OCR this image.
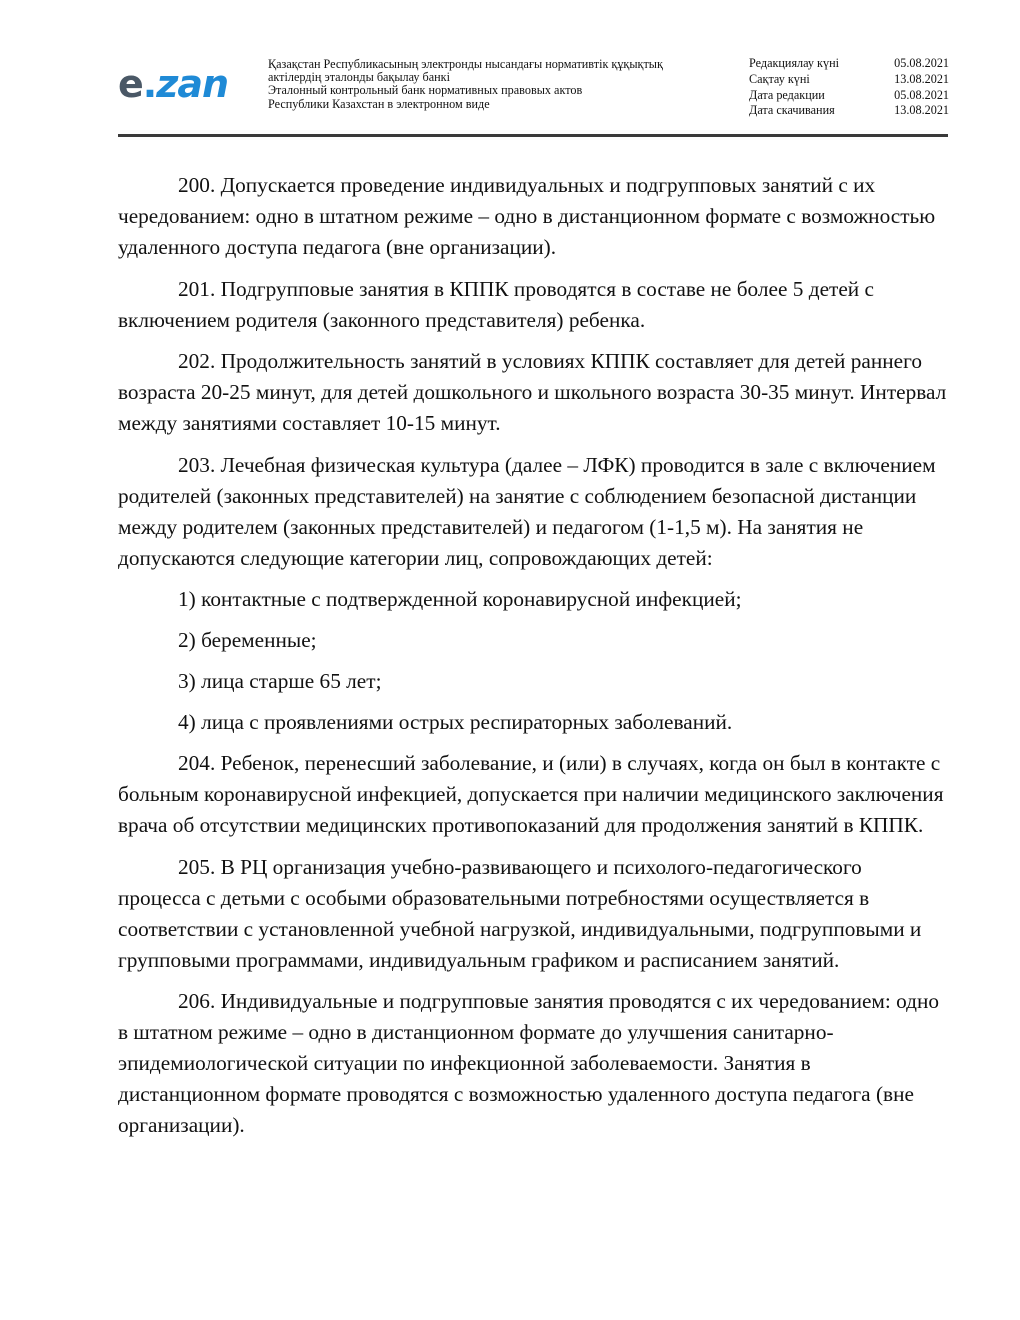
e.zan	Қазақстан Республикасының электронды нысандағы нормативтік құқықтық
актілердің эталонды бақылау банкі
Эталонный контрольный банк нормативных правовых актов
Республики Казахстан в электронном виде
Редакциялау күні	05.08.2021
Сақтау күні	13.08.2021
Дата редакции	05.08.2021
Дата скачивания	13.08.2021

200. Допускается проведение индивидуальных и подгрупповых занятий с их чередованием: одно в штатном режиме – одно в дистанционном формате с возможностью удаленного доступа педагога (вне организации).

201. Подгрупповые занятия в КППК проводятся в составе не более 5 детей с включением родителя (законного представителя) ребенка.

202. Продолжительность занятий в условиях КППК составляет для детей раннего возраста 20-25 минут, для детей дошкольного и школьного возраста 30-35 минут. Интервал между занятиями составляет 10-15 минут.

203. Лечебная физическая культура (далее – ЛФК) проводится в зале с включением родителей (законных представителей) на занятие с соблюдением безопасной дистанции между родителем (законных представителей) и педагогом (1-1,5 м). На занятия не допускаются следующие категории лиц, сопровождающих детей:

1) контактные с подтвержденной коронавирусной инфекцией;

2) беременные;

3) лица старше 65 лет;

4) лица с проявлениями острых респираторных заболеваний.

204. Ребенок, перенесший заболевание, и (или) в случаях, когда он был в контакте с больным коронавирусной инфекцией, допускается при наличии медицинского заключения врача об отсутствии медицинских противопоказаний для продолжения занятий в КППК.

205. В РЦ организация учебно-развивающего и психолого-педагогического процесса с детьми с особыми образовательными потребностями осуществляется в соответствии с установленной учебной нагрузкой, индивидуальными, подгрупповыми и групповыми программами, индивидуальным графиком и расписанием занятий.

206. Индивидуальные и подгрупповые занятия проводятся с их чередованием: одно в штатном режиме – одно в дистанционном формате до улучшения санитарно-эпидемиологической ситуации по инфекционной заболеваемости. Занятия в дистанционном формате проводятся с возможностью удаленного доступа педагога (вне организации).
